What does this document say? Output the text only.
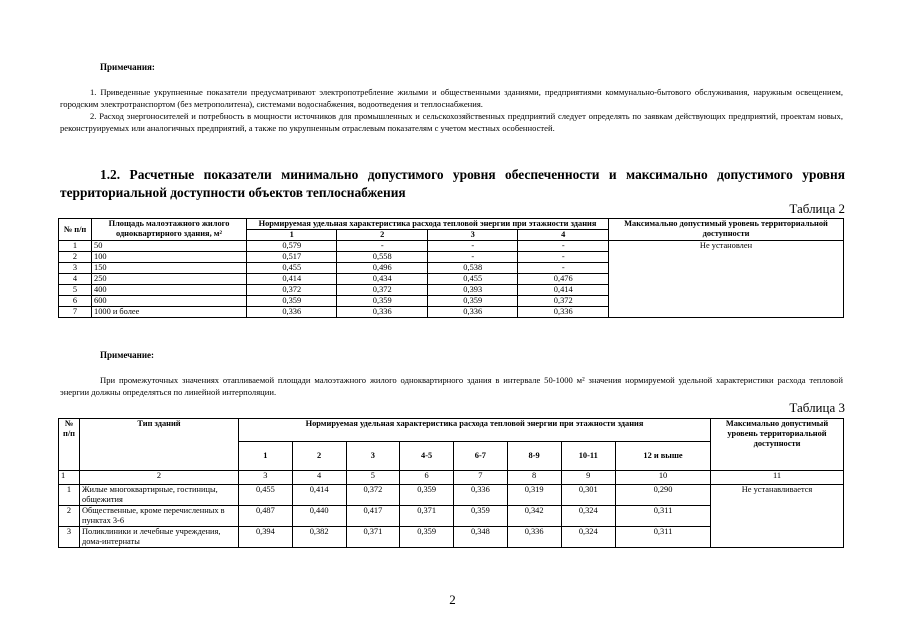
Примечания:
1. Приведенные укрупненные показатели предусматривают электропотребление жилыми и общественными зданиями, предприятиями коммунально-бытового обслуживания, наружным освещением, городским электротранспортом (без метрополитена), системами водоснабжения, водоотведения и теплоснабжения.
2. Расход энергоносителей и потребность в мощности источников для промышленных и сельскохозяйственных предприятий следует определять по заявкам действующих предприятий, проектам новых, реконструируемых или аналогичных предприятий, а также по укрупненным отраслевым показателям с учетом местных особенностей.
1.2. Расчетные показатели минимально допустимого уровня обеспеченности и максимально допустимого уровня территориальной доступности объектов теплоснабжения
Таблица 2
№ п/п	Площадь малоэтажного жилого одноквартирного здания, м²	Нормируемая удельная характеристика расхода тепловой энергии при этажности здания				Максимально допустимый уровень территориальной доступности
		1	2	3	4	
1	50	0,579	-	-	-	Не установлен
2	100	0,517	0,558	-	-	
3	150	0,455	0,496	0,538	-	
4	250	0,414	0,434	0,455	0,476	
5	400	0,372	0,372	0,393	0,414	
6	600	0,359	0,359	0,359	0,372	
7	1000 и более	0,336	0,336	0,336	0,336	
Примечание:
При промежуточных значениях отапливаемой площади малоэтажного жилого одноквартирного здания в интервале 50-1000 м² значения нормируемой удельной характеристики расхода тепловой энергии должны определяться по линейной интерполяции.
Таблица 3
№ п/п	Тип зданий	Нормируемая удельная характеристика расхода тепловой энергии при этажности здания								Максимально допустимый уровень территориальной доступности
		1	2	3	4-5	6-7	8-9	10-11	12 и выше	
1	2	3	4	5	6	7	8	9	10	11
1	Жилые многоквартирные, гостиницы, общежития	0,455	0,414	0,372	0,359	0,336	0,319	0,301	0,290	Не устанавливается
2	Общественные, кроме перечисленных в пунктах 3-6	0,487	0,440	0,417	0,371	0,359	0,342	0,324	0,311	
3	Поликлиники и лечебные учреждения, дома-интернаты	0,394	0,382	0,371	0,359	0,348	0,336	0,324	0,311	
2
